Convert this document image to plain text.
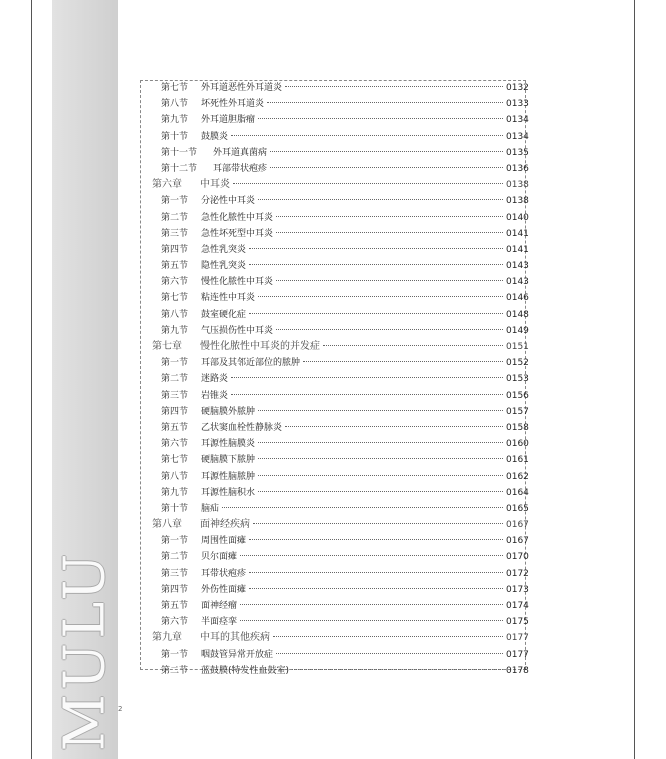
MULU 2
第七节	外耳道恶性外耳道炎	0132
第八节	坏死性外耳道炎	0133
第九节	外耳道胆脂瘤	0134
第十节	鼓膜炎	0134
第十一节	外耳道真菌病	0135
第十二节	耳部带状疱疹	0136
第六章	中耳炎	0138
第一节	分泌性中耳炎	0138
第二节	急性化脓性中耳炎	0140
第三节	急性坏死型中耳炎	0141
第四节	急性乳突炎	0141
第五节	隐性乳突炎	0143
第六节	慢性化脓性中耳炎	0143
第七节	粘连性中耳炎	0146
第八节	鼓室硬化症	0148
第九节	气压损伤性中耳炎	0149
第七章	慢性化脓性中耳炎的并发症	0151
第一节	耳部及其邻近部位的脓肿	0152
第二节	迷路炎	0153
第三节	岩锥炎	0156
第四节	硬脑膜外脓肿	0157
第五节	乙状窦血栓性静脉炎	0158
第六节	耳源性脑膜炎	0160
第七节	硬脑膜下脓肿	0161
第八节	耳源性脑脓肿	0162
第九节	耳源性脑积水	0164
第十节	脑疝	0165
第八章	面神经疾病	0167
第一节	周围性面瘫	0167
第二节	贝尔面瘫	0170
第三节	耳带状疱疹	0172
第四节	外伤性面瘫	0173
第五节	面神经瘤	0174
第六节	半面痉挛	0175
第九章	中耳的其他疾病	0177
第一节	咽鼓管异常开放症	0177
第二节	蓝鼓膜(特发性血鼓室)	0178
